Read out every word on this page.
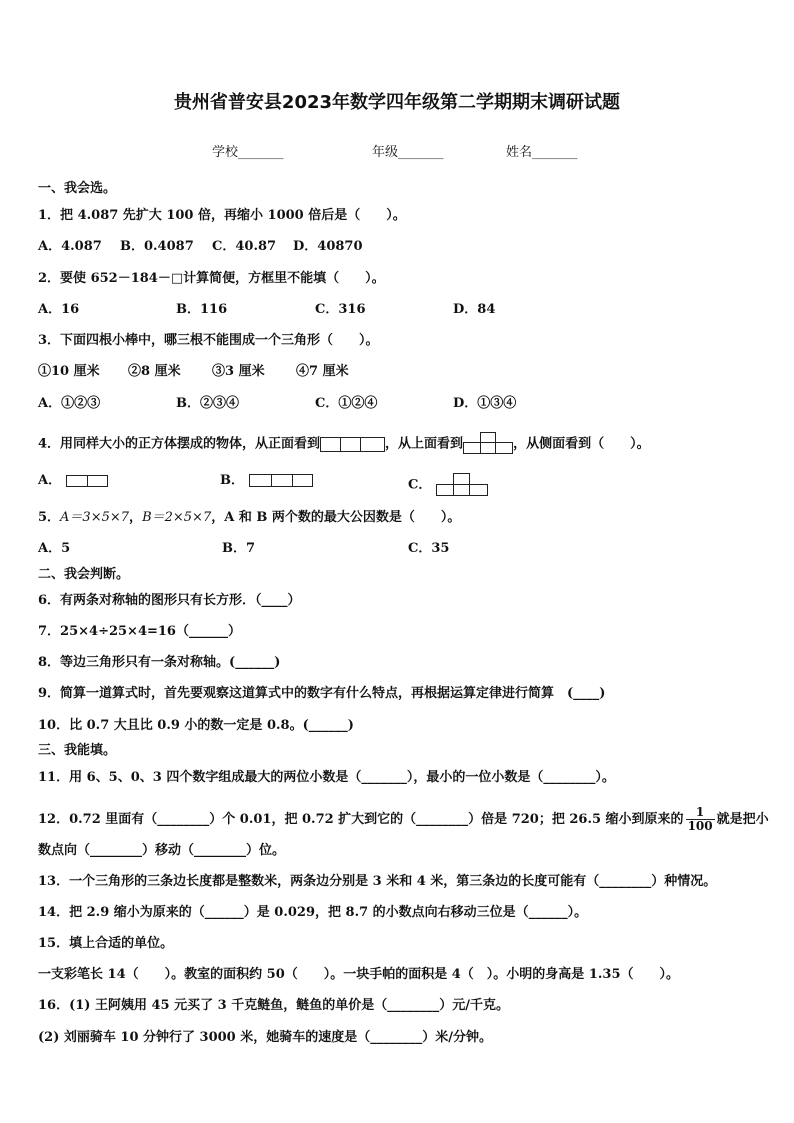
贵州省普安县2023年数学四年级第二学期期末调研试题
学校_______	年级_______	姓名_______
一、我会选。
1．把 4.087 先扩大 100 倍，再缩小 1000 倍后是（　　）。
A．4.087 B．0.4087 C．40.87 D．40870
2．要使 652－184－□计算简便，方框里不能填（　　）。
A．16	B．116	C．316	D．84
3．下面四根小棒中，哪三根不能围成一个三角形（　　）。
①10 厘米 ②8 厘米 ③3 厘米 ④7 厘米
A．①②③	B．②③④	C．①②④	D．①③④
4．用同样大小的正方体摆成的物体，从正面看到	，从上面看到	，从侧面看到（　　）。
A．	B．	C．
5．A＝3×5×7，B＝2×5×7，A 和 B 两个数的最大公因数是（　　）。
A．5	B．7	C．35
二、我会判断。
6．有两条对称轴的图形只有长方形．（____）
7．25×4÷25×4=16（______）
8．等边三角形只有一条对称轴。(______)
9．简算一道算式时，首先要观察这道算式中的数字有什么特点，再根据运算定律进行简算　(____)
10．比 0.7 大且比 0.9 小的数一定是 0.8。(______)
三、我能填。
11．用 6、5、0、3 四个数字组成最大的两位小数是（_______），最小的一位小数是（________）。
12．0.72 里面有（________）个 0.01，把 0.72 扩大到它的（________）倍是 720；把 26.5 缩小到原来的 $\frac{1}{100}$ 就是把小
数点向（________）移动（________）位。
13．一个三角形的三条边长度都是整数米，两条边分别是 3 米和 4 米，第三条边的长度可能有（________）种情况。
14．把 2.9 缩小为原来的（______）是 0.029，把 8.7 的小数点向右移动三位是（______）。
15．填上合适的单位。
一支彩笔长 14（　　）。教室的面积约 50（　　）。一块手帕的面积是 4（　）。小明的身高是 1.35（　　）。
16．(1) 王阿姨用 45 元买了 3 千克鲢鱼，鲢鱼的单价是（________）元/千克。
(2) 刘丽骑车 10 分钟行了 3000 米，她骑车的速度是（________）米/分钟。
